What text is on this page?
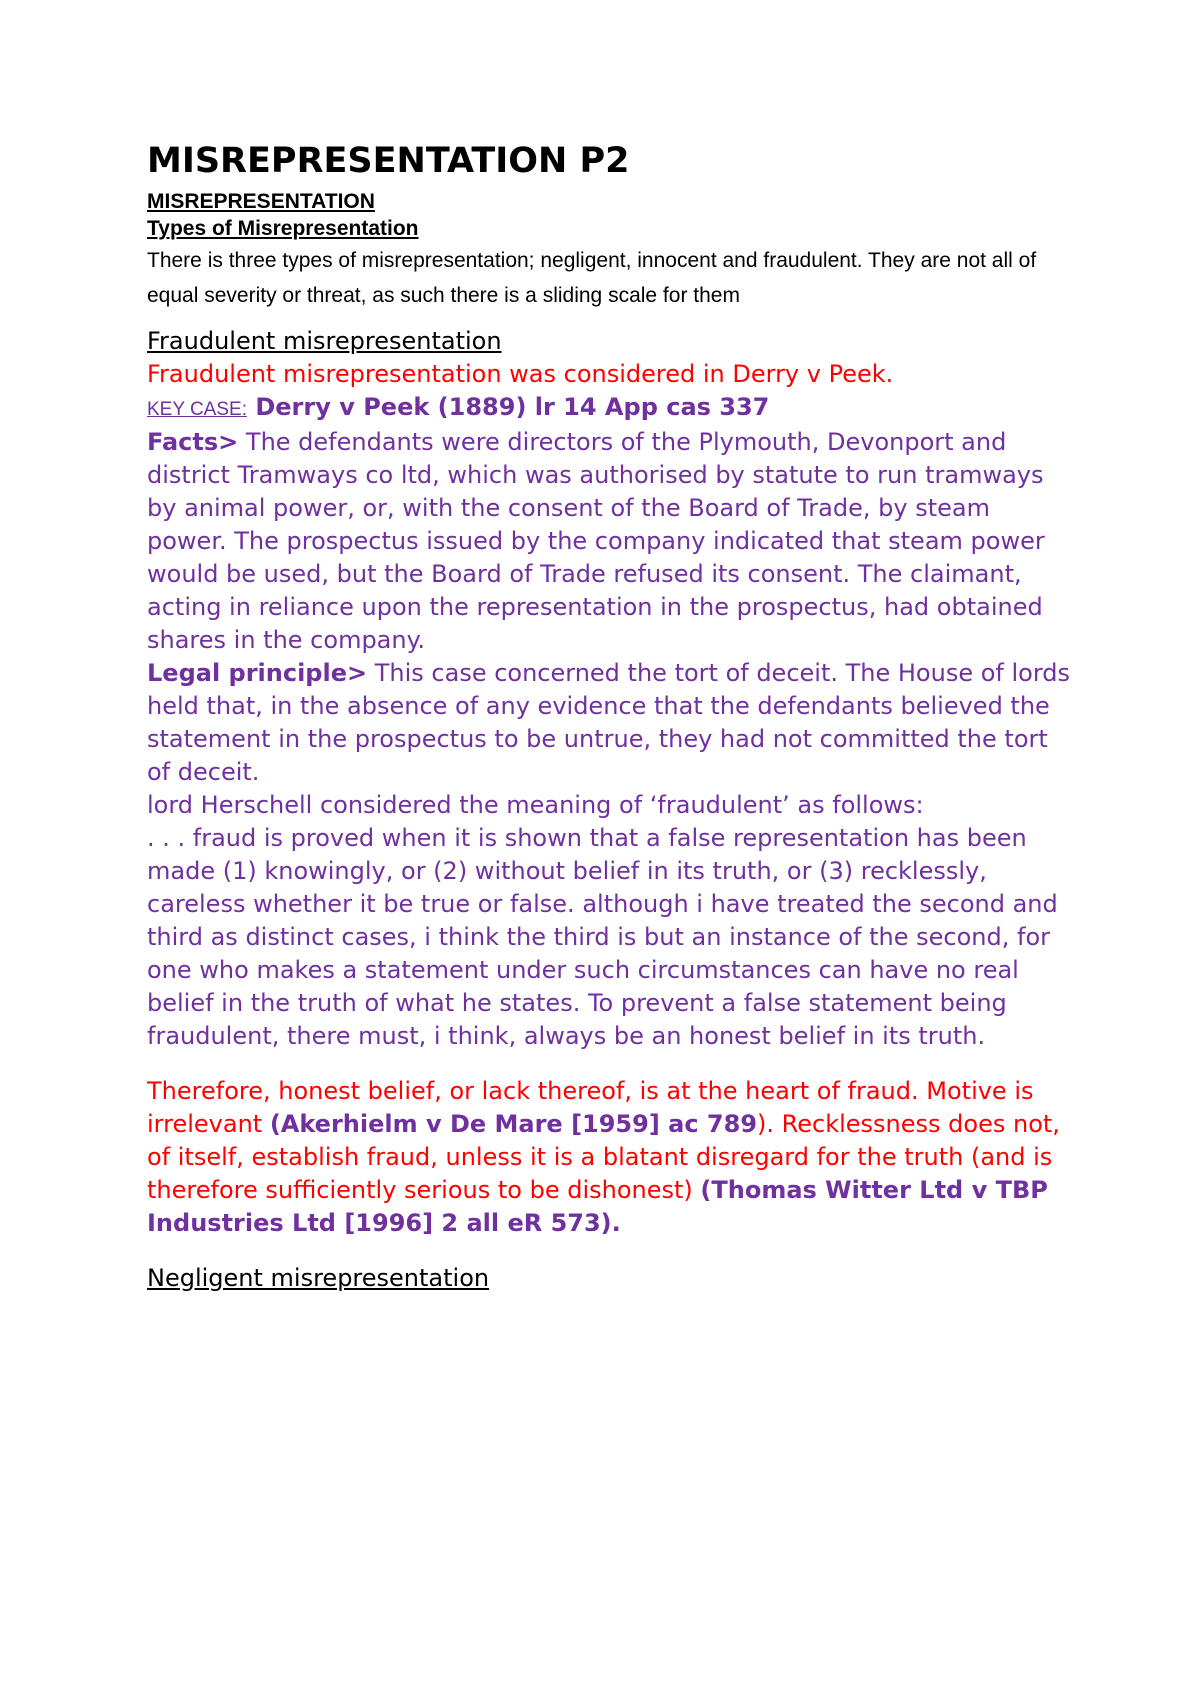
MISREPRESENTATION P2

MISREPRESENTATION

Types of Misrepresentation

There is three types of misrepresentation; negligent, innocent and fraudulent. They are not all of equal severity or threat, as such there is a sliding scale for them

Fraudulent misrepresentation

Fraudulent misrepresentation was considered in Derry v Peek.

KEY CASE: Derry v Peek (1889) lr 14 App cas 337

Facts> The defendants were directors of the Plymouth, Devonport and district Tramways co ltd, which was authorised by statute to run tramways by animal power, or, with the consent of the Board of Trade, by steam power. The prospectus issued by the company indicated that steam power would be used, but the Board of Trade refused its consent. The claimant, acting in reliance upon the representation in the prospectus, had obtained shares in the company.

Legal principle> This case concerned the tort of deceit. The House of lords held that, in the absence of any evidence that the defendants believed the statement in the prospectus to be untrue, they had not committed the tort of deceit.

lord Herschell considered the meaning of ‘fraudulent’ as follows:

. . . fraud is proved when it is shown that a false representation has been made (1) knowingly, or (2) without belief in its truth, or (3) recklessly, careless whether it be true or false. although i have treated the second and third as distinct cases, i think the third is but an instance of the second, for one who makes a statement under such circumstances can have no real belief in the truth of what he states. To prevent a false statement being fraudulent, there must, i think, always be an honest belief in its truth.

Therefore, honest belief, or lack thereof, is at the heart of fraud. Motive is irrelevant (Akerhielm v De Mare [1959] ac 789). Recklessness does not, of itself, establish fraud, unless it is a blatant disregard for the truth (and is therefore sufficiently serious to be dishonest) (Thomas Witter Ltd v TBP Industries Ltd [1996] 2 all eR 573).

Negligent misrepresentation
